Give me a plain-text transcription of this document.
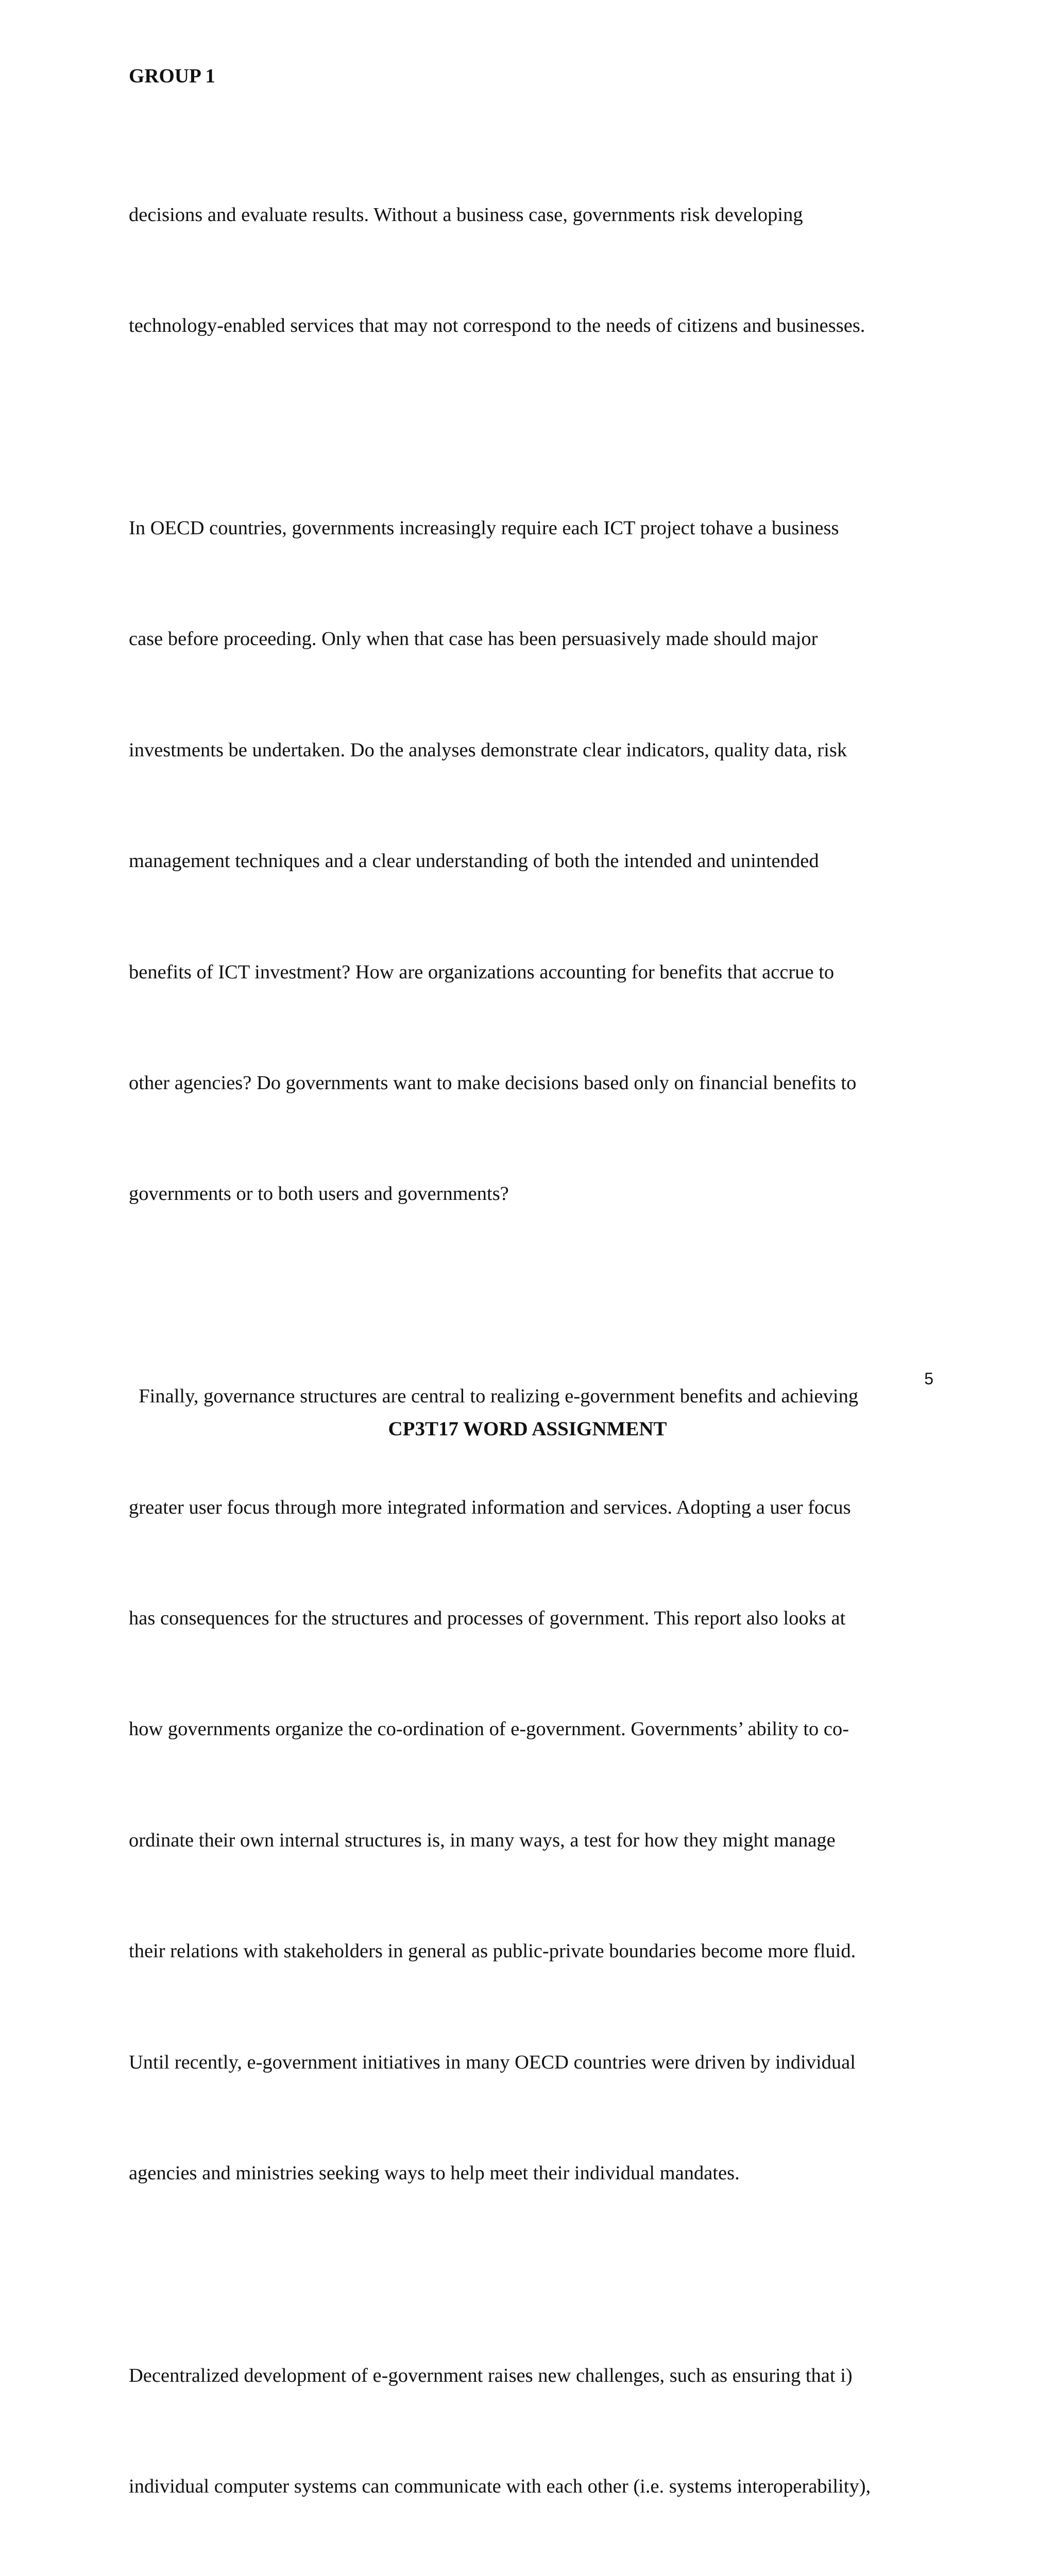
GROUP 1

decisions and evaluate results. Without a business case, governments risk developing

technology-enabled services that may not correspond to the needs of citizens and businesses.

In OECD countries, governments increasingly require each ICT project tohave a business

case before proceeding. Only when that case has been persuasively made should major

investments be undertaken. Do the analyses demonstrate clear indicators, quality data, risk

management techniques and a clear understanding of both the intended and unintended

benefits of ICT investment? How are organizations accounting for benefits that accrue to

other agencies? Do governments want to make decisions based only on financial benefits to

governments or to both users and governments?

Finally, governance structures are central to realizing e-government benefits and achieving

greater user focus through more integrated information and services. Adopting a user focus

has consequences for the structures and processes of government. This report also looks at

how governments organize the co-ordination of e-government. Governments’ ability to co-

ordinate their own internal structures is, in many ways, a test for how they might manage

their relations with stakeholders in general as public-private boundaries become more fluid.

Until recently, e-government initiatives in many OECD countries were driven by individual

agencies and ministries seeking ways to help meet their individual mandates.

Decentralized development of e-government raises new challenges, such as ensuring that i)

individual computer systems can communicate with each other (i.e. systems interoperability),

5
CP3T17 WORD ASSIGNMENT
